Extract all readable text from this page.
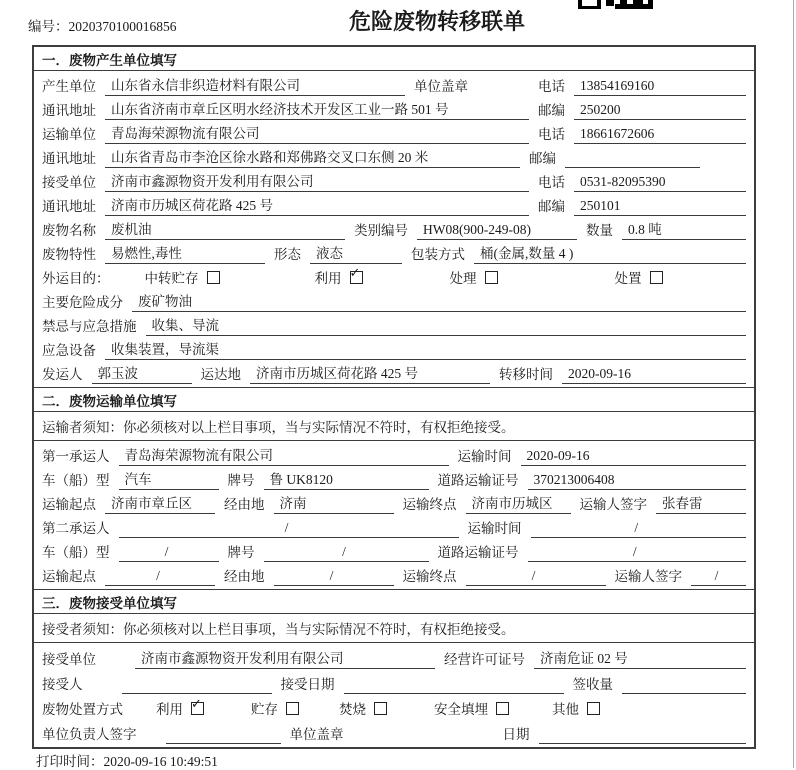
编号：2020370100016856	危险废物转移联单
一．废物产生单位填写
产生单位	山东省永信非织造材料有限公司	单位盖章	电话	13854169160
通讯地址	山东省济南市章丘区明水经济技术开发区工业一路 501 号	邮编	250200
运输单位	青岛海荣源物流有限公司	电话	18661672606
通讯地址	山东省青岛市李沧区徐水路和郑佛路交叉口东侧 20 米	邮编
接受单位	济南市鑫源物资开发利用有限公司	电话	0531-82095390
通讯地址	济南市历城区荷花路 425 号	邮编	250101
废物名称	废机油	类别编号	HW08(900-249-08)	数量	0.8 吨
废物特性	易燃性,毒性	形态	液态	包装方式	桶(金属,数量 4 )
外运目的：	中转贮存	利用 ✓	处理	处置
主要危险成分	废矿物油
禁忌与应急措施	收集、导流
应急设备	收集装置，导流渠
发运人	郭玉波	运达地	济南市历城区荷花路 425 号	转移时间	2020-09-16
二．废物运输单位填写
运输者须知：你必须核对以上栏目事项，当与实际情况不符时，有权拒绝接受。
第一承运人	青岛海荣源物流有限公司	运输时间	2020-09-16
车（船）型	汽车	牌号	鲁 UK8120	道路运输证号	370213006408
运输起点	济南市章丘区	经由地	济南	运输终点	济南市历城区	运输人签字	张春雷
第二承运人	/	运输时间	/
车（船）型	/	牌号	/	道路运输证号	/
运输起点	/	经由地	/	运输终点	/	运输人签字	/
三．废物接受单位填写
接受者须知：你必须核对以上栏目事项，当与实际情况不符时，有权拒绝接受。
接受单位	济南市鑫源物资开发利用有限公司	经营许可证号	济南危证 02 号
接受人	接受日期	签收量
废物处置方式 利用 ✓	贮存	焚烧	安全填埋	其他
单位负责人签字	单位盖章	日期
打印时间：2020-09-16 10:49:51
